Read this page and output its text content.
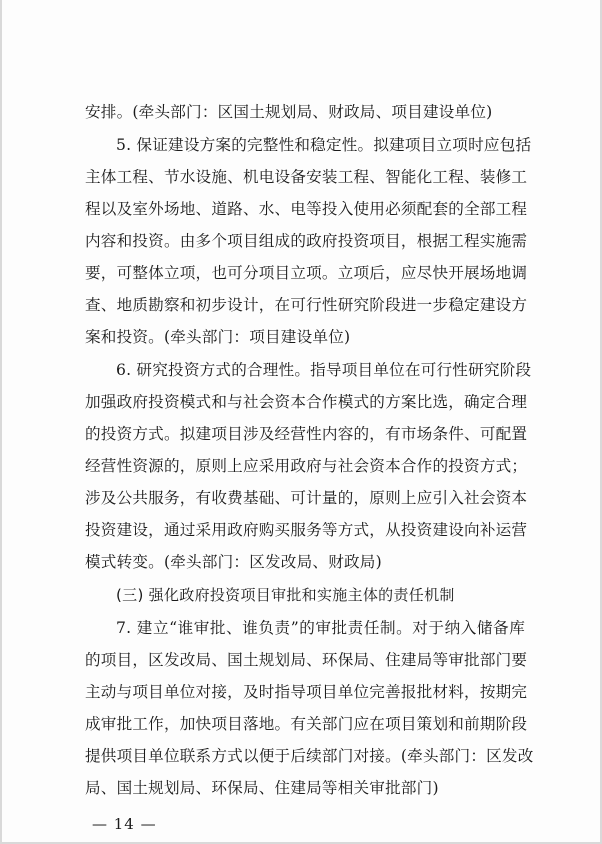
安排。(牵头部门：区国土规划局、财政局、项目建设单位)
5. 保证建设方案的完整性和稳定性。拟建项目立项时应包括
主体工程、节水设施、机电设备安装工程、智能化工程、装修工
程以及室外场地、道路、水、电等投入使用必须配套的全部工程
内容和投资。由多个项目组成的政府投资项目，根据工程实施需
要，可整体立项，也可分项目立项。立项后，应尽快开展场地调
查、地质勘察和初步设计，在可行性研究阶段进一步稳定建设方
案和投资。(牵头部门：项目建设单位)
6. 研究投资方式的合理性。指导项目单位在可行性研究阶段
加强政府投资模式和与社会资本合作模式的方案比选，确定合理
的投资方式。拟建项目涉及经营性内容的，有市场条件、可配置
经营性资源的，原则上应采用政府与社会资本合作的投资方式；
涉及公共服务，有收费基础、可计量的，原则上应引入社会资本
投资建设，通过采用政府购买服务等方式，从投资建设向补运营
模式转变。(牵头部门：区发改局、财政局)
(三) 强化政府投资项目审批和实施主体的责任机制
7. 建立“谁审批、谁负责”的审批责任制。对于纳入储备库
的项目，区发改局、国土规划局、环保局、住建局等审批部门要
主动与项目单位对接，及时指导项目单位完善报批材料，按期完
成审批工作，加快项目落地。有关部门应在项目策划和前期阶段
提供项目单位联系方式以便于后续部门对接。(牵头部门：区发改
局、国土规划局、环保局、住建局等相关审批部门)
— 14 —
